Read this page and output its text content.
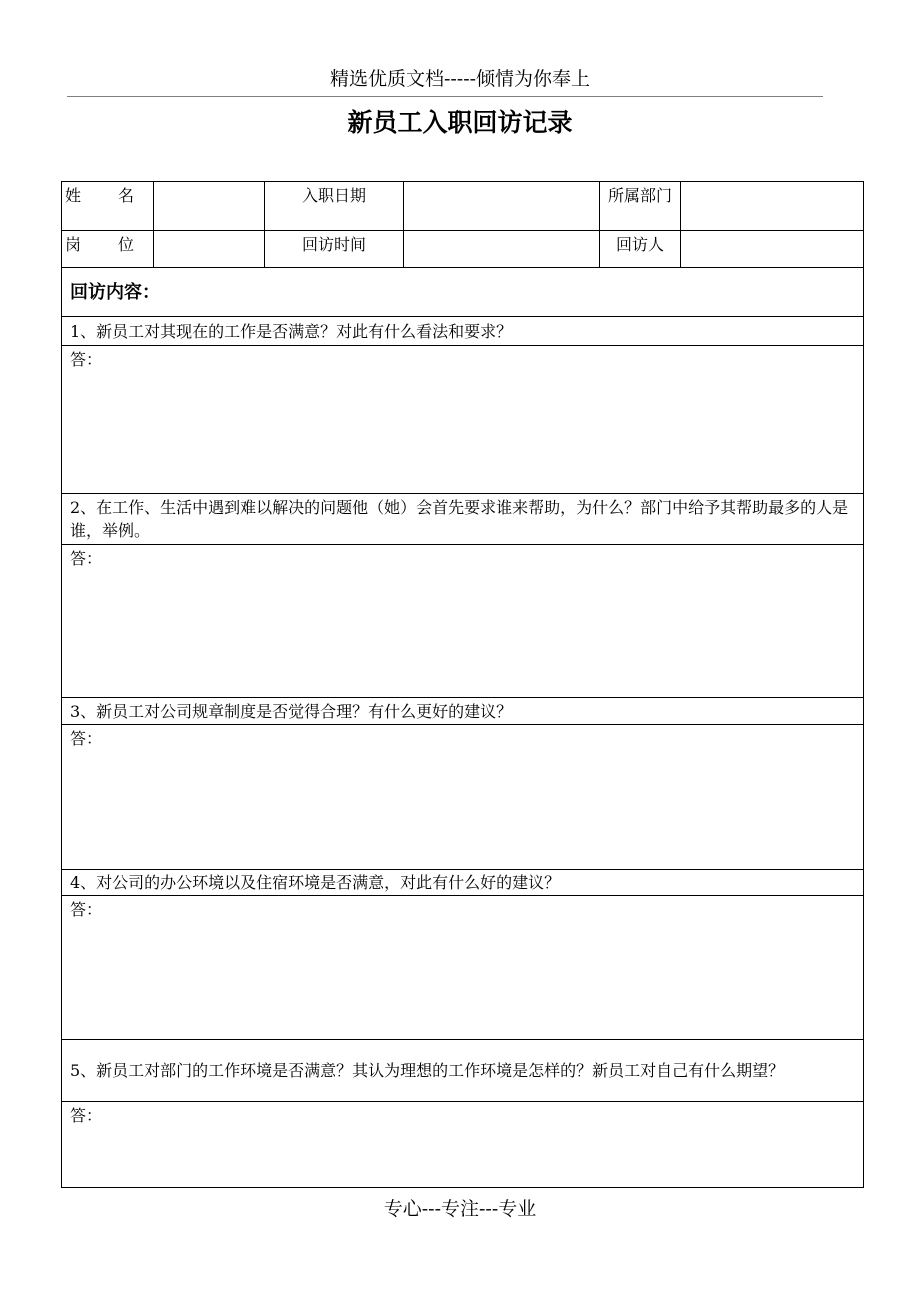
精选优质文档-----倾情为你奉上
新员工入职回访记录
姓 名		入职日期		所属部门	
岗 位		回访时间		回访人	
回访内容：					
1、新员工对其现在的工作是否满意？对此有什么看法和要求？					
答：					
2、在工作、生活中遇到难以解决的问题他（她）会首先要求谁来帮助，为什么？部门中给予其帮助最多的人是谁，举例。					
答：					
3、新员工对公司规章制度是否觉得合理？有什么更好的建议？					
答：					
4、对公司的办公环境以及住宿环境是否满意，对此有什么好的建议？					
答：					
5、新员工对部门的工作环境是否满意？其认为理想的工作环境是怎样的？新员工对自己有什么期望？					
答：					
专心---专注---专业
